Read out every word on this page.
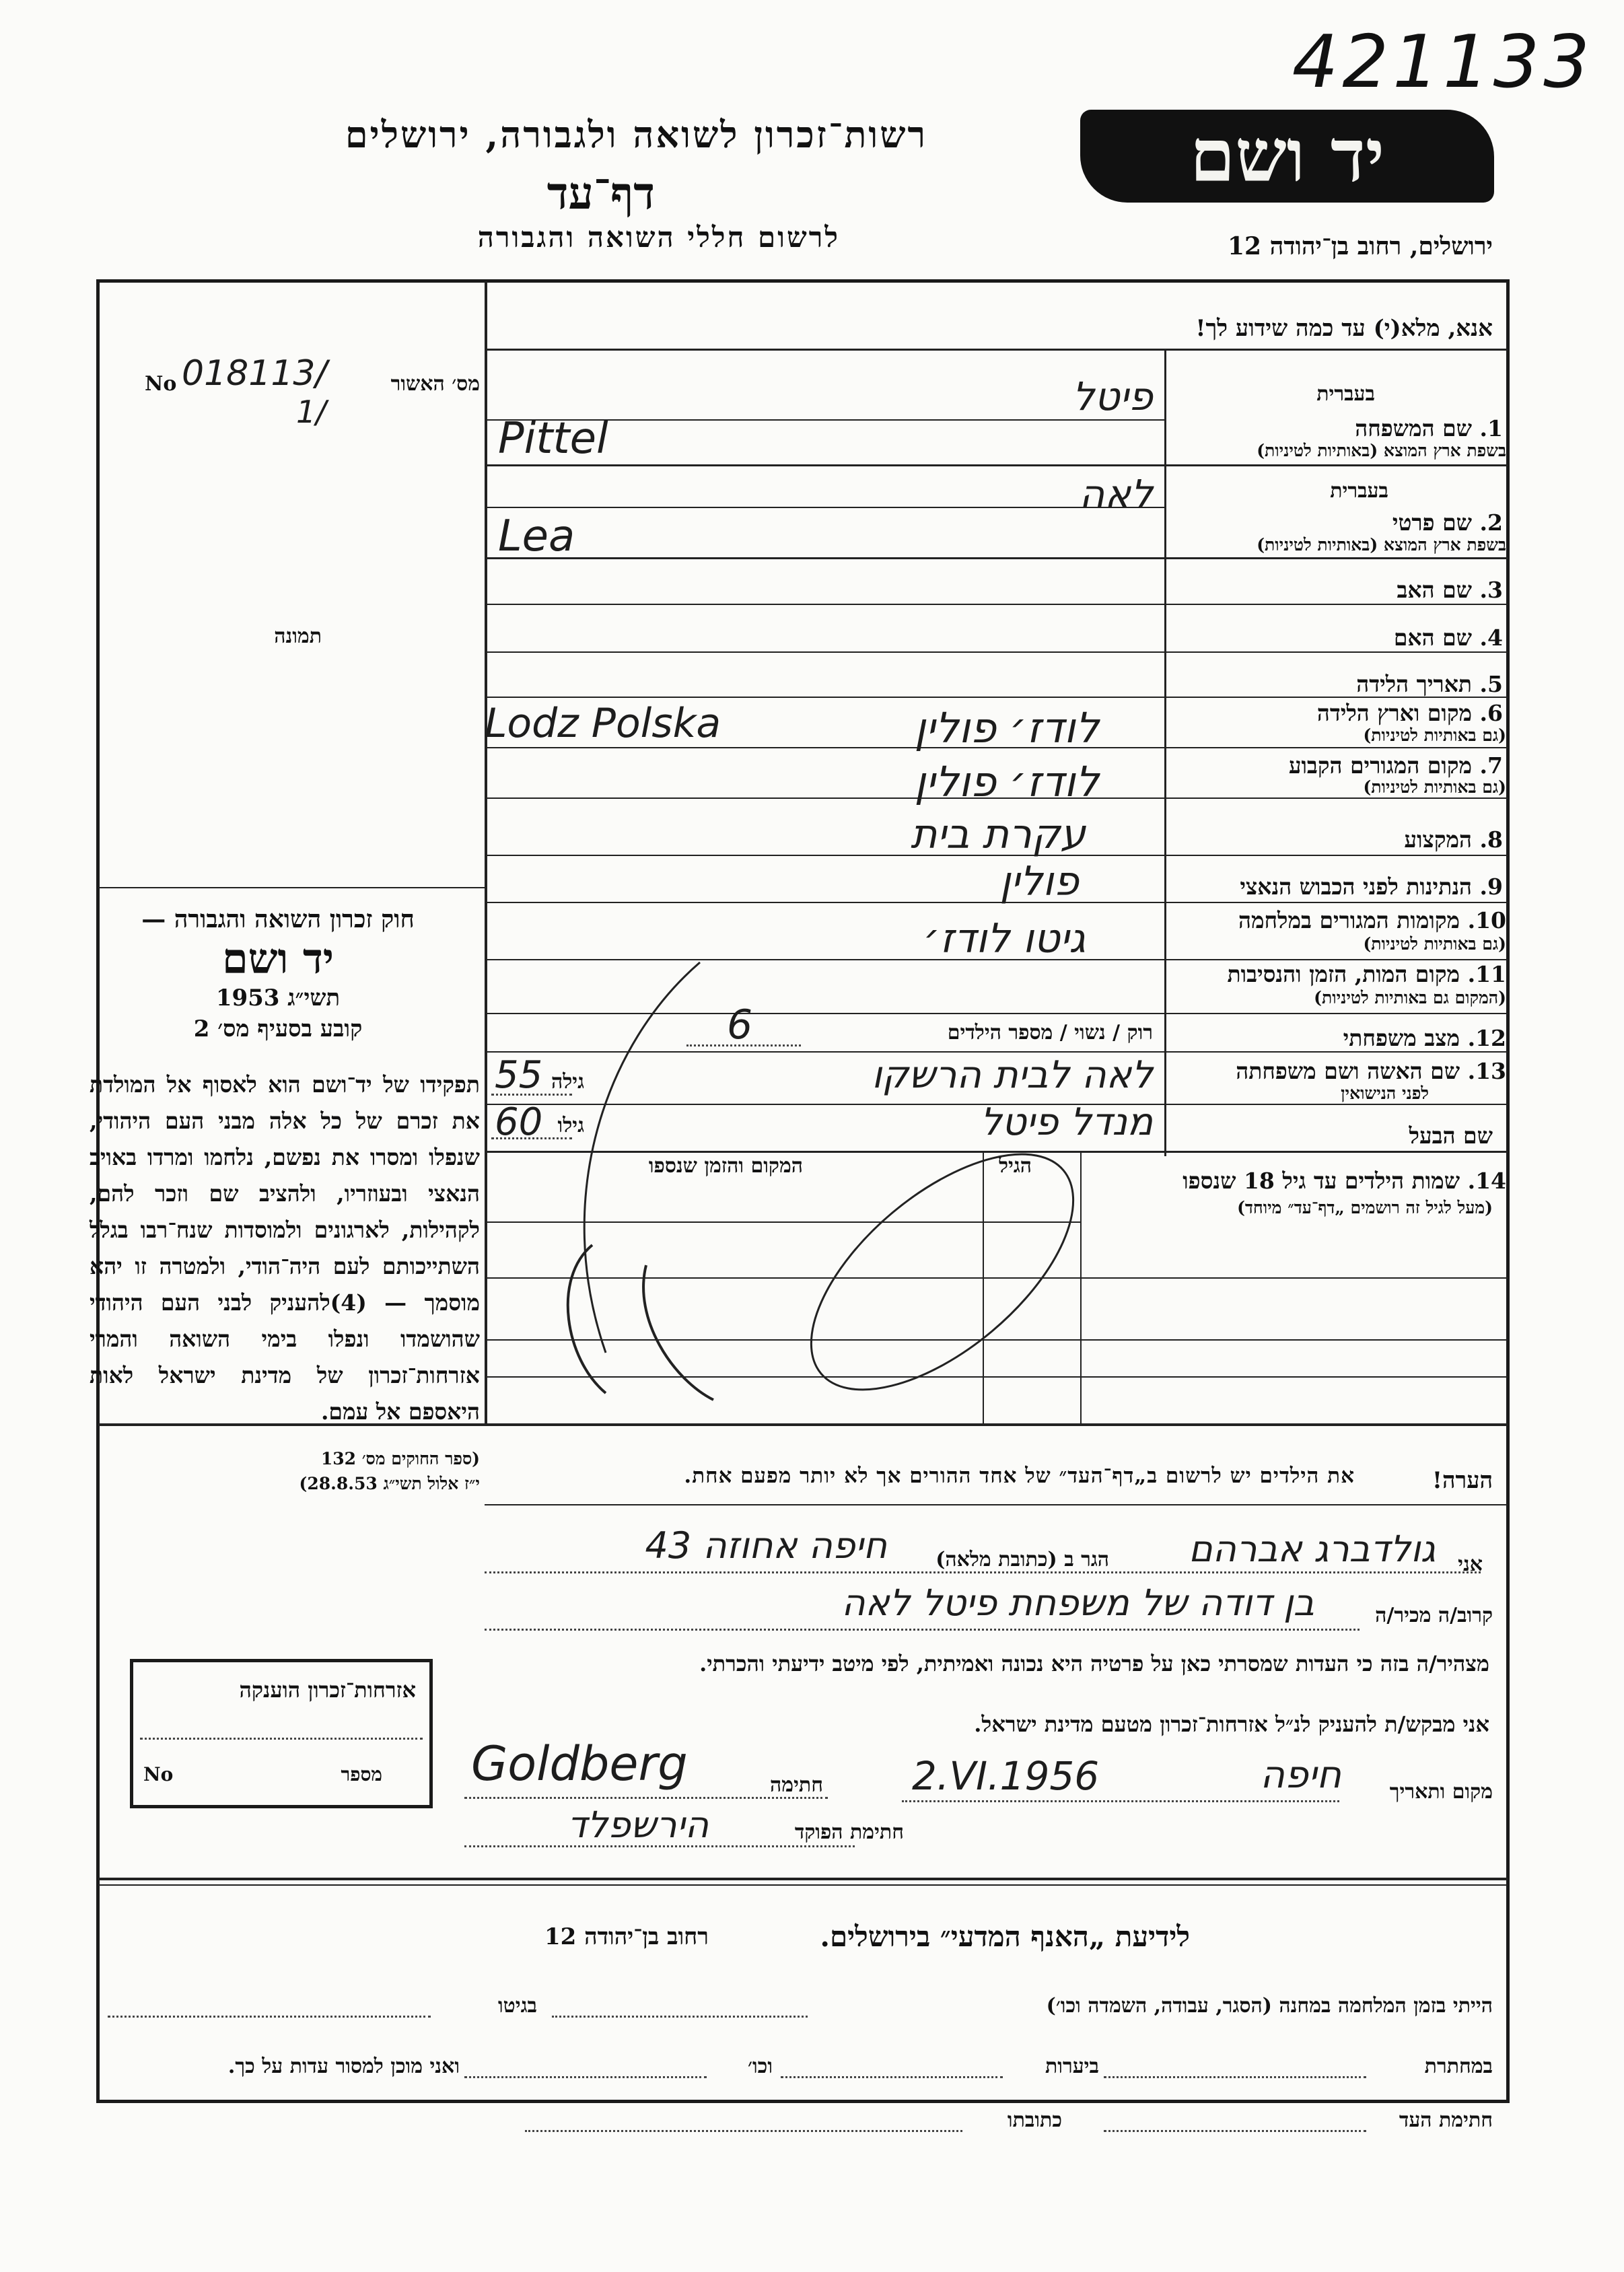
421133
רשות־זכרון לשואה ולגבורה, ירושלים
דף־עד
לרשום חללי השואה והגבורה
יד ושם
ירושלים, רחוב בן־יהודה 12
אנא, מלא(י) עד כמה שידוע לך!
מס׳ האשור
No 018113/
1/
תמונה
חוק זכרון השואה והגבורה —
יד ושם
תשי״ג 1953
קובע בסעיף מס׳ 2
תפקידו של יד־ושם הוא לאסוף אל המולדת את זכרם של כל אלה מבני העם היהודי, שנפלו ומסרו את נפשם, נלחמו ומרדו באויב הנאצי ובעוזריו, ולהציב שם וזכר להם, לקהילות, לארגונים ולמוסדות שנח־רבו בגלל השתייכותם לעם היה־הודי, ולמטרה זו יהא מוסמך — (4)להעניק לבני העם היהודי שהושמדו ונפלו בימי השואה והמרי אזרחות־זכרון של מדינת ישראל לאות היאספם אל עמם.
(ספר החוקים מס׳ 132
י״ז אלול תשי״ג 28.8.53)
אזרחות־זכרון הוענקה
מספר
No
בעברית
1. שם המשפחה
בשפת ארץ המוצא (באותיות לטיניות)
פיטל
Pittel
בעברית
2. שם פרטי
בשפת ארץ המוצא (באותיות לטיניות)
לאה
Lea
3. שם האב
4. שם האם
5. תאריך הלידה
6. מקום וארץ הלידה
(גם באותיות לטיניות)
Lodz Polska	לודז׳ פולין
7. מקום המגורים הקבוע
(גם באותיות לטיניות)
לודז׳ פולין
8. המקצוע
עקרת בית
9. הנתינות לפני הכבוש הנאצי
פולין
10. מקומות המגורים במלחמה
(גם באותיות לטיניות)
גיטו לודז׳
11. מקום המות, הזמן והנסיבות
(המקום גם באותיות לטיניות)
12. מצב משפחתי
רוק / נשוי / מספר הילדים
6
13. שם האשה ושם משפחתה
לפני הנישואין
לאה לבית הרשקו
גילה
55
שם הבעל
מנדל פיטל
גילו
60
14. שמות הילדים עד גיל 18 שנספו
(מעל לגיל זה רושמים „דף־עד״ מיוחד)
הגיל
המקום והזמן שנספו
הערה!
את הילדים יש לרשום ב„דף־העד״ של אחד ההורים אך לא יותר מפעם אחת.
אני
גולדברג אברהם
הגר ב (כתובת מלאה)
חיפה אחוזה 43
קרוב/ה מכיר/ה
בן דודה של משפחת פיטל לאה
מצהיר/ה בזה כי העדות שמסרתי כאן על פרטיה היא נכונה ואמיתית, לפי מיטב ידיעתי והכרתי.
אני מבקש/ת להעניק לנ״ל אזרחות־זכרון מטעם מדינת ישראל.
מקום ותאריך
חיפה
2.VI.1956
חתימה
Goldberg
חתימת הפוקד
הירשפלד
לידיעת „האנף המדעי״ בירושלים.
רחוב בן־יהודה 12
הייתי בזמן המלחמה במחנה (הסגר, עבודה, השמדה וכו׳)
בגיטו
במחתרת
ביערות
וכו׳
ואני מוכן למסור עדות על כך.
חתימת העד
כתובתו
